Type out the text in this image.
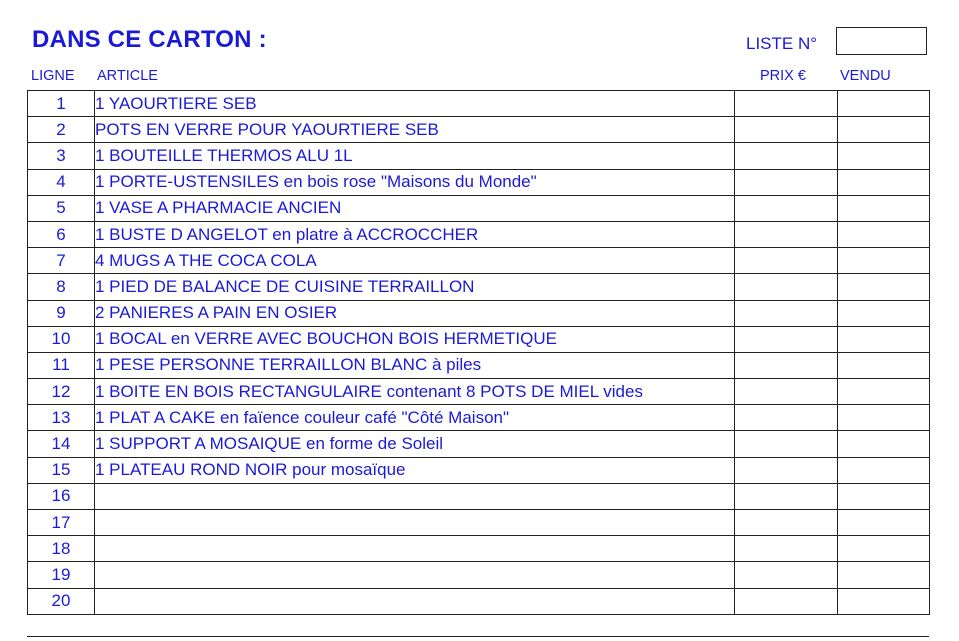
DANS CE CARTON :	LISTE N°
LIGNE ARTICLE	PRIX € VENDU
1	1 YAOURTIERE SEB		
2	POTS EN VERRE POUR YAOURTIERE SEB		
3	1 BOUTEILLE THERMOS ALU 1L		
4	1 PORTE-USTENSILES en bois rose "Maisons du Monde"		
5	1 VASE A PHARMACIE ANCIEN		
6	1 BUSTE D ANGELOT en platre à ACCROCCHER		
7	4 MUGS A THE COCA COLA		
8	1 PIED DE BALANCE DE CUISINE TERRAILLON		
9	2 PANIERES A PAIN EN OSIER		
10	1 BOCAL en VERRE AVEC BOUCHON BOIS HERMETIQUE		
11	1 PESE PERSONNE TERRAILLON BLANC à piles		
12	1 BOITE EN BOIS RECTANGULAIRE contenant 8 POTS DE MIEL vides		
13	1 PLAT A CAKE en faïence couleur café "Côté Maison"		
14	1 SUPPORT A MOSAIQUE en forme de Soleil		
15	1 PLATEAU ROND NOIR pour mosaïque		
16			
17			
18			
19			
20			
